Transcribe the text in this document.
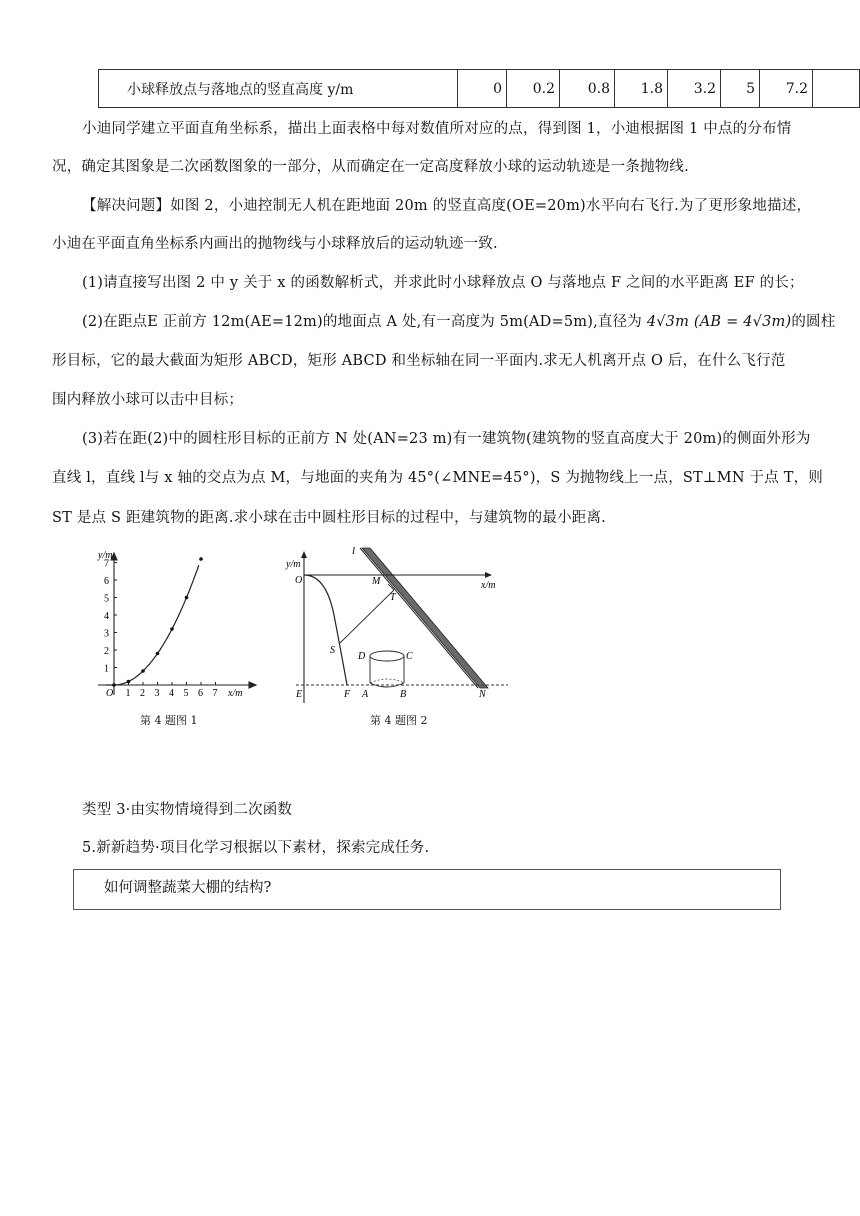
小球释放点与落地点的竖直高度 y/m	0	0.2	0.8	1.8	3.2	5	7.2	
小迪同学建立平面直角坐标系，描出上面表格中每对数值所对应的点，得到图 1，小迪根据图 1 中点的分布情
况，确定其图象是二次函数图象的一部分，从而确定在一定高度释放小球的运动轨迹是一条抛物线.
【解决问题】如图 2，小迪控制无人机在距地面 20m 的竖直高度(OE=20m)水平向右飞行.为了更形象地描述，
小迪在平面直角坐标系内画出的抛物线与小球释放后的运动轨迹一致.
(1)请直接写出图 2 中 y 关于 x 的函数解析式，并求此时小球释放点 O 与落地点 F 之间的水平距离 EF 的长；
(2)在距点E 正前方 12m(AE=12m)的地面点 A 处,有一高度为 5m(AD=5m),直径为 4√3m (AB = 4√3m)的圆柱
形目标，它的最大截面为矩形 ABCD，矩形 ABCD 和坐标轴在同一平面内.求无人机离开点 O 后，在什么飞行范
围内释放小球可以击中目标；
(3)若在距(2)中的圆柱形目标的正前方 N 处(AN=23 m)有一建筑物(建筑物的竖直高度大于 20m)的侧面外形为
直线 l，直线 l与 x 轴的交点为点 M，与地面的夹角为 45°(∠MNE=45°)，S 为抛物线上一点，ST⊥MN 于点 T，则
ST 是点 S 距建筑物的距离.求小球在击中圆柱形目标的过程中，与建筑物的最小距离.
y/m
x/m
O 1 2 3 4 5 6 7
1
2
3
4
5
6
7
第 4 题图 1
l
y/m
x/m
O	M
T
S
D	C
E	F A	B	N
第 4 题图 2
类型 3·由实物情境得到二次函数
5.新新趋势·项目化学习根据以下素材，探索完成任务.
如何调整蔬菜大棚的结构?
